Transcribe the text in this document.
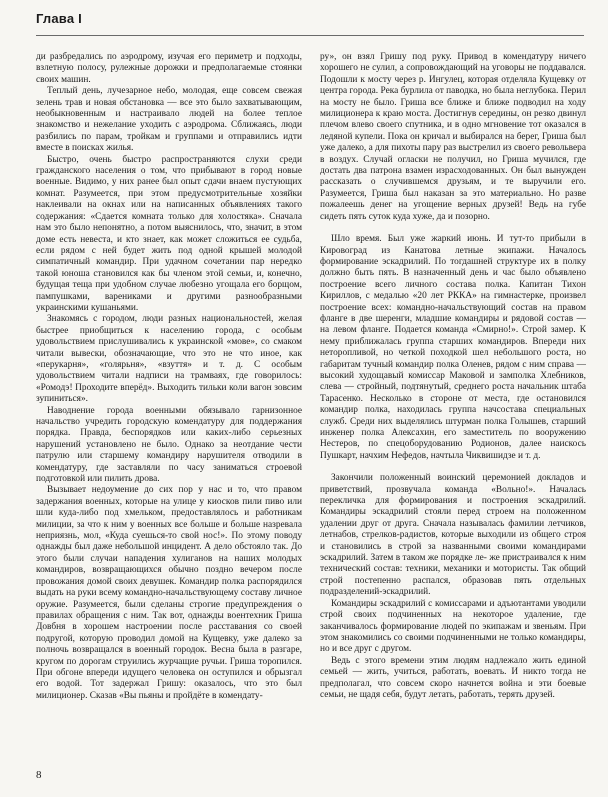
Глава I

ди разбредались по аэродрому, изучая его периметр и подходы, взлетную полосу, рулежные дорожки и предполагаемые стоянки своих машин.

Теплый день, лучезарное небо, молодая, еще совсем свежая зелень трав и новая обстановка — все это было захватывающим, необыкновенным и настраивало людей на более теплое знакомство и нежелание уходить с аэродрома. Сближаясь, люди разбились по парам, тройкам и группами и отправились идти вместе в поисках жилья.

Быстро, очень быстро распространяются слухи среди гражданского населения о том, что прибывают в город новые военные. Видимо, у них ранее был опыт сдачи внаем пустующих комнат. Разумеется, при этом предусмотрительные хозяйки наклеивали на окнах или на написанных объявлениях такого содержания: «Сдается комната только для холостяка». Сначала нам это было непонятно, а потом выяснилось, что, значит, в этом доме есть невеста, и кто знает, как может сложиться ее судьба, если рядом с ней будет жить под одной крышей молодой симпатичный командир. При удачном сочетании пар нередко такой юноша становился как бы членом этой семьи, и, конечно, будущая теща при удобном случае любезно угощала его борщом, пампушками, варениками и другими разнообразными украинскими кушаньями.

Знакомясь с городом, люди разных национальностей, желая быстрее приобщиться к населению города, с особым удовольствием прислушивались к украинской «мове», со смаком читали вывески, обозначающие, что это не что иное, как «перукарня», «голярьня», «взуття» и т. д. С особым удовольствием читали надписи на трамваях, где говорилось: «Ромодэ! Проходите вперёд». Выходить тильки коли вагон зовсим зупиниться».

Наводнение города военными обязывало гарнизонное начальство учредить городскую комендатуру для поддержания порядка. Правда, беспорядков или каких-либо серьезных нарушений установлено не было. Однако за неотдание чести патрулю или старшему командиру нарушителя отводили в комендатуру, где заставляли по часу заниматься строевой подготовкой или пилить дрова.

Вызывает недоумение до сих пор у нас и то, что правом задержания военных, которые на улице у киосков пили пиво или шли куда-либо под хмельком, предоставлялось и работникам милиции, за что к ним у военных все больше и больше назревала неприязнь, мол, «Куда суешься-то свой нос!». По этому поводу однажды был даже небольшой инцидент. А дело обстояло так. До этого были случаи нападения хулиганов на наших молодых командиров, возвращающихся обычно поздно вечером после провожания домой своих девушек. Командир полка распорядился выдать на руки всему командно-начальствующему составу личное оружие. Разумеется, были сделаны строгие предупреждения о правилах обращения с ним. Так вот, однажды воентехник Гриша Довбня в хорошем настроении после расставания со своей подругой, которую проводил домой на Кущевку, уже далеко за полночь возвращался в военный городок. Весна была в разгаре, кругом по дорогам струились журчащие ручьи. Гриша торопился. При обгоне впереди идущего человека он оступился и обрызгал его водой. Тот задержал Гришу: оказалось, что это был милиционер. Сказав «Вы пьяны и пройдёте в комендату-

ру», он взял Гришу под руку. Привод в комендатуру ничего хорошего не сулил, а сопровождающий на уговоры не поддавался. Подошли к мосту через р. Ингулец, которая отделяла Кущевку от центра города. Река бурлила от паводка, но была неглубока. Перил на мосту не было. Гриша все ближе и ближе подводил на ходу милиционера к краю моста. Достигнув середины, он резко двинул плечом влево своего спутника, и в одно мгновение тот оказался в ледяной купели. Пока он кричал и выбирался на берег, Гриша был уже далеко, а для пихоты пару раз выстрелил из своего револьвера в воздух. Случай огласки не получил, но Гриша мучился, где достать два патрона взамен израсходованных. Он был вынужден рассказать о случившемся друзьям, и те выручили его. Разумеется, Гриша был наказан за это материально. Но разве пожалеешь денег на угощение верных друзей! Ведь на губе сидеть пять суток куда хуже, да и позорно.

Шло время. Был уже жаркий июнь. И тут-то прибыли в Кировоград из Канатова летные экипажи. Началось формирование эскадрилий. По тогдашней структуре их в полку должно быть пять. В назначенный день и час было объявлено построение всего личного состава полка. Капитан Тихон Кириллов, с медалью «20 лет РККА» на гимнастерке, произвел построение всех: командно-начальствующий состав на правом фланге в две шеренги, младшие командиры и рядовой состав — на левом фланге. Подается команда «Смирно!». Строй замер. К нему приближалась группа старших командиров. Впереди них неторопливой, но четкой походкой шел небольшого роста, но габаритам тучный командир полка Оленев, рядом с ним справа — высокий худощавый комиссар Маковой и замполка Хлебников, слева — стройный, подтянутый, среднего роста начальник штаба Тарасенко. Несколько в стороне от места, где остановился командир полка, находилась группа начсостава специальных служб. Среди них выделялись штурман полка Голышев, старший инженер полка Алексахин, его заместитель по вооружению Нестеров, по спецоборудованию Родионов, далее наискось Пушкарт, начхим Нефедов, начтыла Чиквишидзе и т. д.

Закончили положенный воинский церемонией докладов и приветствий, прозвучала команда «Вольно!». Началась перекличка для формирования и построения эскадрилий. Командиры эскадрилий стояли перед строем на положенном удалении друг от друга. Сначала называлась фамилии летчиков, летнабов, стрелков-радистов, которые выходили из общего строя и становились в строй за названными своими командирами эскадрилий. Затем в таком же порядке ле- же пристраивался к ним технический состав: техники, механики и мотористы. Так общий строй постепенно распался, образовав пять отдельных подразделений-эскадрилий.

Командиры эскадрилий с комиссарами и адъютантами уводили строй своих подчиненных на некоторое удаление, где заканчивалось формирование людей по экипажам и звеньям. При этом знакомились со своими подчиненными не только командиры, но и все друг с другом.

Ведь с этого времени этим людям надлежало жить единой семьей — жить, учиться, работать, воевать. И никто тогда не предполагал, что совсем скоро начнется война и эти боевые семьи, не щадя себя, будут летать, работать, терять друзей.

8
